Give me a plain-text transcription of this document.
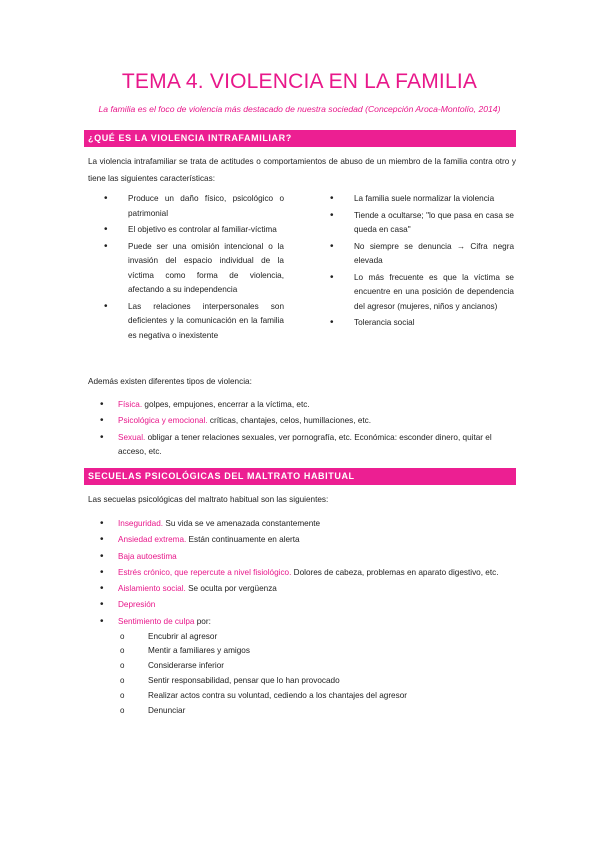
TEMA 4. VIOLENCIA EN LA FAMILIA

La familia es el foco de violencia más destacado de nuestra sociedad (Concepción Aroca-Montolío, 2014)

¿QUÉ ES LA VIOLENCIA INTRAFAMILIAR?

La violencia intrafamiliar se trata de actitudes o comportamientos de abuso de un miembro de la familia contra otro y tiene las siguientes características:

• Produce un daño físico, psicológico o patrimonial
• El objetivo es controlar al familiar-víctima
• Puede ser una omisión intencional o la invasión del espacio individual de la víctima como forma de violencia, afectando a su independencia
• Las relaciones interpersonales son deficientes y la comunicación en la familia es negativa o inexistente
• La familia suele normalizar la violencia
• Tiende a ocultarse; "lo que pasa en casa se queda en casa"
• No siempre se denuncia → Cifra negra elevada
• Lo más frecuente es que la víctima se encuentre en una posición de dependencia del agresor (mujeres, niños y ancianos)
• Tolerancia social

Además existen diferentes tipos de violencia:

• Física. golpes, empujones, encerrar a la víctima, etc.
• Psicológica y emocional. críticas, chantajes, celos, humillaciones, etc.
• Sexual. obligar a tener relaciones sexuales, ver pornografía, etc. Económica: esconder dinero, quitar el acceso, etc.
SECUELAS PSICOLÓGICAS DEL MALTRATO HABITUAL

Las secuelas psicológicas del maltrato habitual son las siguientes:

• Inseguridad. Su vida se ve amenazada constantemente
• Ansiedad extrema. Están continuamente en alerta
• Baja autoestima
• Estrés crónico, que repercute a nivel fisiológico. Dolores de cabeza, problemas en aparato digestivo, etc.
• Aislamiento social. Se oculta por vergüenza
• Depresión
• Sentimiento de culpa por:
o Encubrir al agresor
o Mentir a familiares y amigos
o Considerarse inferior
o Sentir responsabilidad, pensar que lo han provocado
o Realizar actos contra su voluntad, cediendo a los chantajes del agresor
o Denunciar
